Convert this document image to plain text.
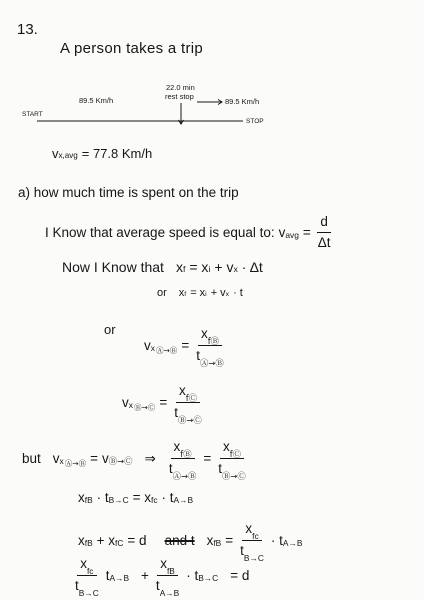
13.
A person takes a trip
START
STOP
89.5 Km/h
22.0 min
rest stop
89.5 Km/h
$v_{x,avg} = 77.8$ Km/h
a) how much time is spent on the trip
I Know that average speed is equal to: $v_{avg} = \frac{d}{\Delta t}$
Now I Know that $x_f = x_i + v_x \cdot \Delta t$
or $x_f = x_i + v_x \cdot t$
or
$v_{xⒶ\toⒷ} = \frac{x_{fⒷ}}{t_{Ⓐ\toⒷ}}$
$v_{xⒷ\toⒸ} = \frac{x_{fⒸ}}{t_{Ⓑ\toⒸ}}$
but $v_{xⒶ\toⒷ} = v_{Ⓑ\toⒸ}$ ⇒ $\frac{x_{fⒷ}}{t_{Ⓐ\toⒷ}} = \frac{x_{fⒸ}}{t_{Ⓑ\toⒸ}}$
$x_{fB} \cdot t_{B\to C} = x_{fc} \cdot t_{A\to B}$
$x_{fB} + x_{fC} = d$ and t $x_{fB} = \frac{x_{fc}}{t_{B\to C}} \cdot t_{A\to B}$
$\frac{x_{fc}}{t_{B\to C}} t_{A\to B} + \frac{x_{fB}}{t_{A\to B}} \cdot t_{B\to C} = d$
